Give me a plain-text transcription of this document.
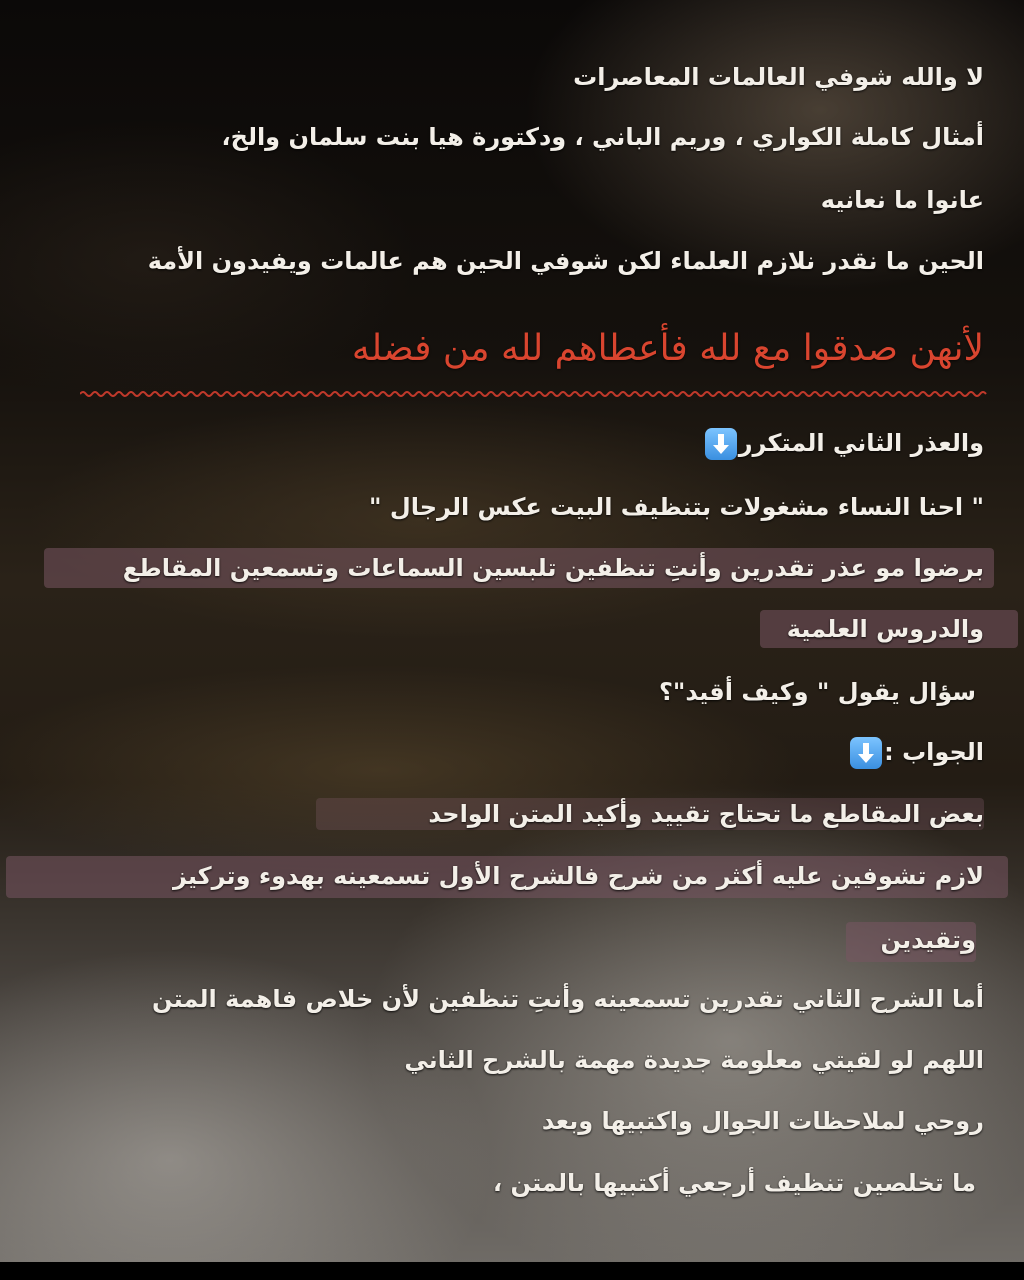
لا والله شوفي العالمات المعاصرات
أمثال كاملة الكواري ، وريم الباني ، ودكتورة هيا بنت سلمان والخ،
عانوا ما نعانيه
الحين ما نقدر نلازم العلماء لكن شوفي الحين هم عالمات ويفيدون الأمة
لأنهن صدقوا مع لله فأعطاهم لله من فضله
والعذر الثاني المتكرر
" احنا النساء مشغولات بتنظيف البيت عكس الرجال "
برضوا مو عذر تقدرين وأنتِ تنظفين تلبسين السماعات وتسمعين المقاطع
والدروس العلمية
سؤال يقول " وكيف أقيد"؟
الجواب :
بعض المقاطع ما تحتاج تقييد وأكيد المتن الواحد
لازم تشوفين عليه أكثر من شرح فالشرح الأول تسمعينه بهدوء وتركيز
وتقيدين
أما الشرح الثاني تقدرين تسمعينه وأنتِ تنظفين لأن خلاص فاهمة المتن
اللهم لو لقيتي معلومة جديدة مهمة بالشرح الثاني
روحي لملاحظات الجوال واكتبيها وبعد
ما تخلصين تنظيف أرجعي أكتبيها بالمتن ،
